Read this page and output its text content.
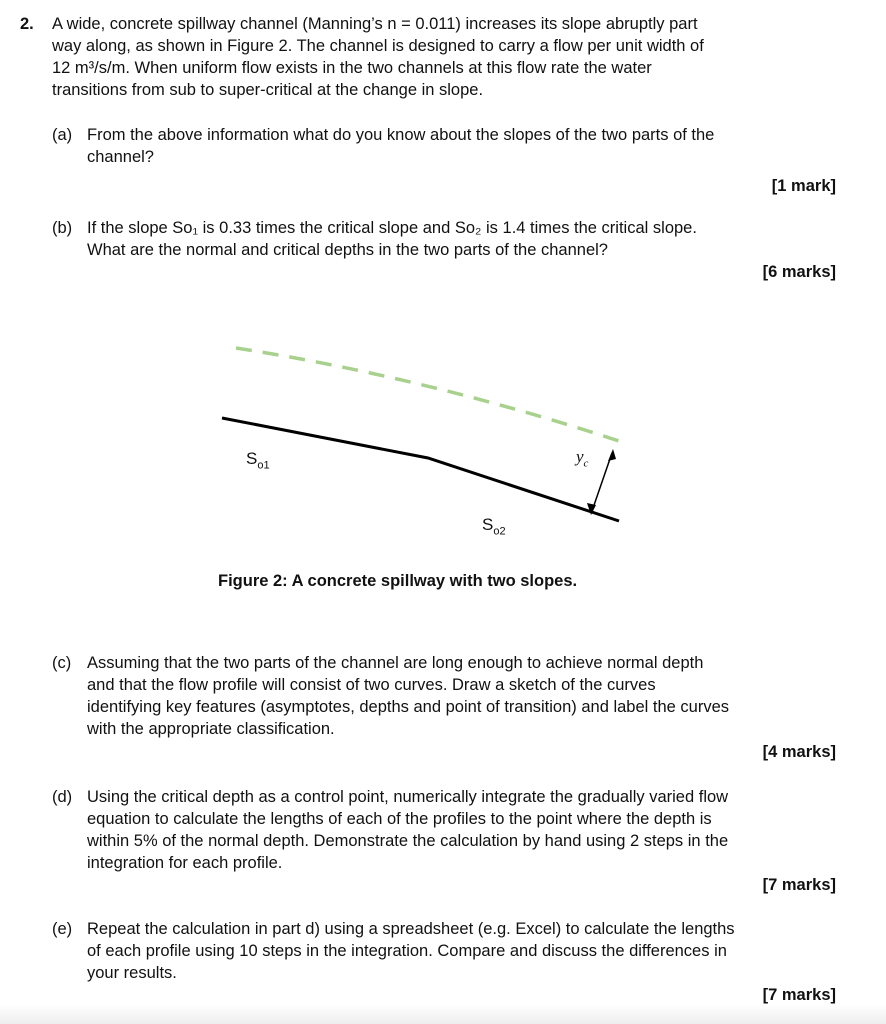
2. A wide, concrete spillway channel (Manning’s n = 0.011) increases its slope abruptly part
way along, as shown in Figure 2. The channel is designed to carry a flow per unit width of
12 m³/s/m. When uniform flow exists in the two channels at this flow rate the water
transitions from sub to super-critical at the change in slope.
(a) From the above information what do you know about the slopes of the two parts of the
channel?
[1 mark]
(b) If the slope So₁ is 0.33 times the critical slope and So₂ is 1.4 times the critical slope.
What are the normal and critical depths in the two parts of the channel?
[6 marks]
$S_{o1}$
$S_{o2}$
$y_c$
Figure 2: A concrete spillway with two slopes.
(c) Assuming that the two parts of the channel are long enough to achieve normal depth
and that the flow profile will consist of two curves. Draw a sketch of the curves
identifying key features (asymptotes, depths and point of transition) and label the curves
with the appropriate classification.
[4 marks]
(d) Using the critical depth as a control point, numerically integrate the gradually varied flow
equation to calculate the lengths of each of the profiles to the point where the depth is
within 5% of the normal depth. Demonstrate the calculation by hand using 2 steps in the
integration for each profile.
[7 marks]
(e) Repeat the calculation in part d) using a spreadsheet (e.g. Excel) to calculate the lengths
of each profile using 10 steps in the integration. Compare and discuss the differences in
your results.
[7 marks]
